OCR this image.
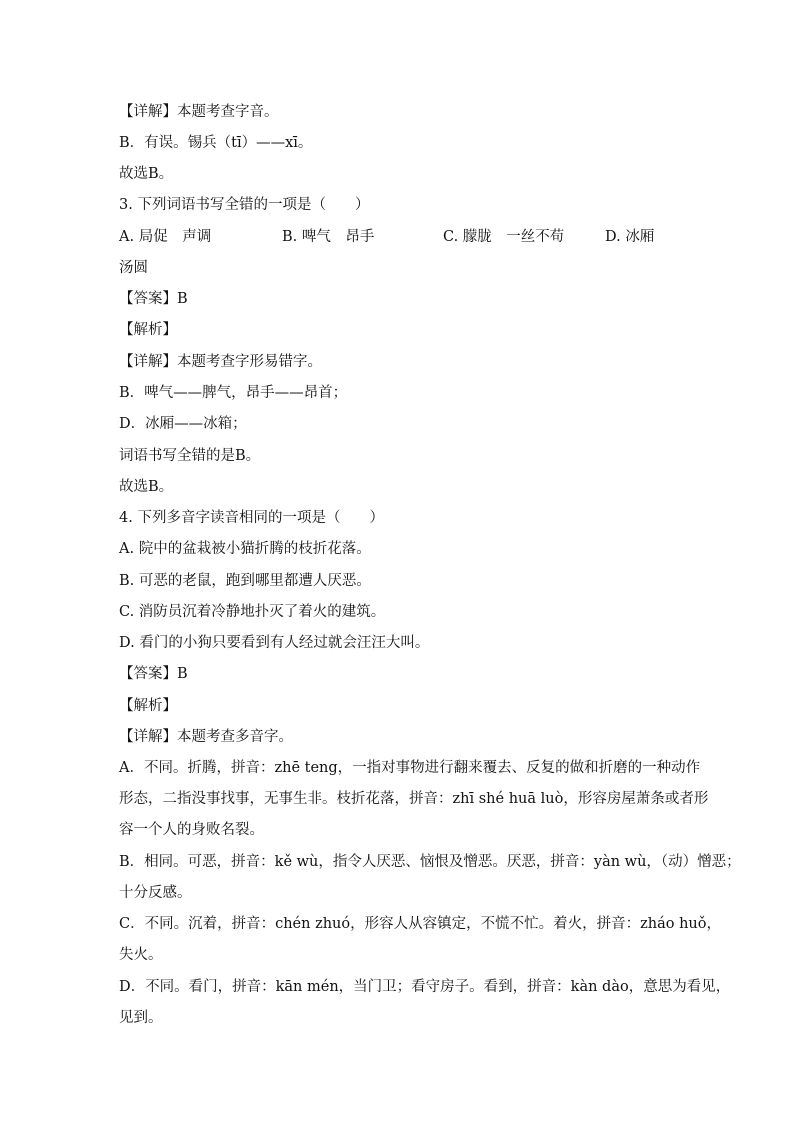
【详解】本题考查字音。
B．有误。锡兵（tī）——xī。
故选B。
3. 下列词语书写全错的一项是（　　）
A. 局促　声调	B. 啤气　昂手	C. 朦胧　一丝不苟	D. 冰厢
汤圆
【答案】B
【解析】
【详解】本题考查字形易错字。
B．啤气——脾气，昂手——昂首；
D．冰厢——冰箱；
词语书写全错的是B。
故选B。
4. 下列多音字读音相同的一项是（　　）
A. 院中的盆栽被小猫折腾的枝折花落。
B. 可恶的老鼠，跑到哪里都遭人厌恶。
C. 消防员沉着冷静地扑灭了着火的建筑。
D. 看门的小狗只要看到有人经过就会汪汪大叫。
【答案】B
【解析】
【详解】本题考查多音字。
A．不同。折腾，拼音：zhē teng，一指对事物进行翻来覆去、反复的做和折磨的一种动作
形态，二指没事找事，无事生非。枝折花落，拼音：zhī shé huā luò，形容房屋萧条或者形
容一个人的身败名裂。
B．相同。可恶，拼音：kě wù，指令人厌恶、恼恨及憎恶。厌恶，拼音：yàn wù，（动）憎恶；
十分反感。
C．不同。沉着，拼音：chén zhuó，形容人从容镇定，不慌不忙。着火，拼音：zháo huǒ，
失火。
D．不同。看门，拼音：kān mén，当门卫；看守房子。看到，拼音：kàn dào，意思为看见，
见到。
